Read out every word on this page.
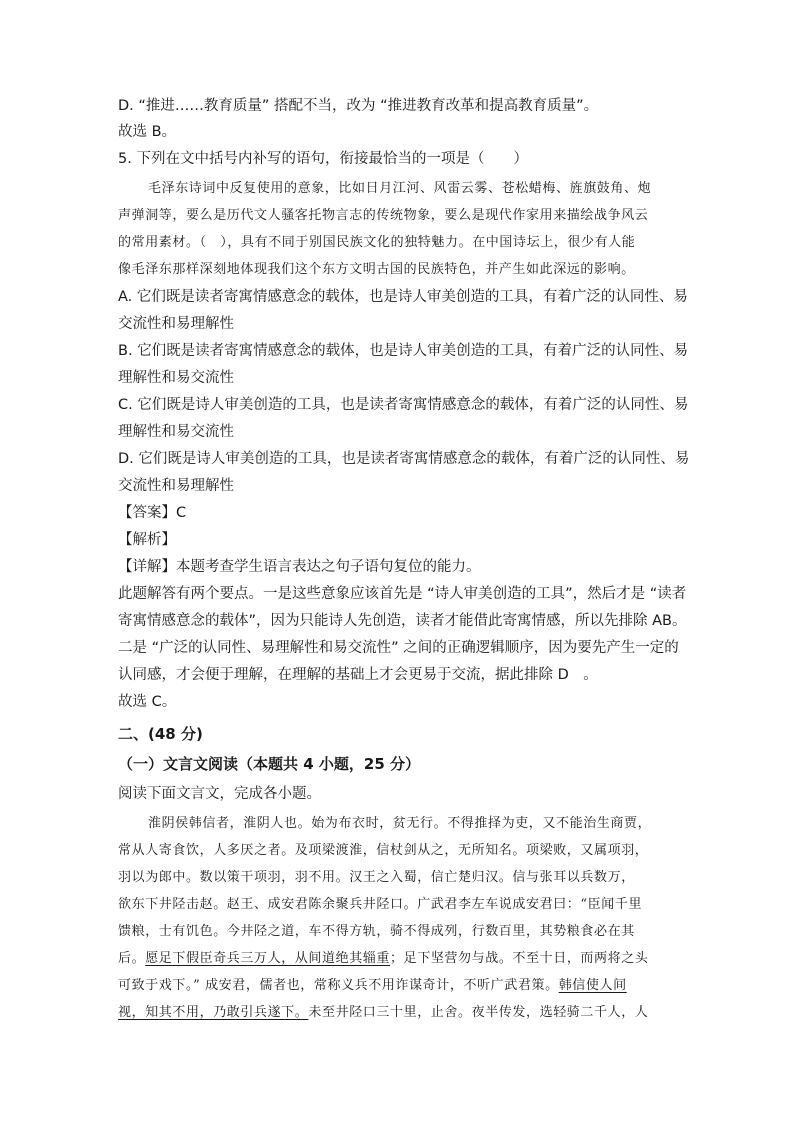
D. “推进……教育质量” 搭配不当，改为 “推进教育改革和提高教育质量”。
故选 B。
5. 下列在文中括号内补写的语句，衔接最恰当的一项是（　　）
毛泽东诗词中反复使用的意象，比如日月江河、风雷云雾、苍松蜡梅、旌旗鼓角、炮
声弹洞等，要么是历代文人骚客托物言志的传统物象，要么是现代作家用来描绘战争风云
的常用素材。（　），具有不同于别国民族文化的独特魅力。在中国诗坛上，很少有人能
像毛泽东那样深刻地体现我们这个东方文明古国的民族特色，并产生如此深远的影响。
A. 它们既是读者寄寓情感意念的载体，也是诗人审美创造的工具，有着广泛的认同性、易
交流性和易理解性
B. 它们既是读者寄寓情感意念的载体，也是诗人审美创造的工具，有着广泛的认同性、易
理解性和易交流性
C. 它们既是诗人审美创造的工具，也是读者寄寓情感意念的载体，有着广泛的认同性、易
理解性和易交流性
D. 它们既是诗人审美创造的工具，也是读者寄寓情感意念的载体，有着广泛的认同性、易
交流性和易理解性
【答案】C
【解析】
【详解】本题考查学生语言表达之句子语句复位的能力。
此题解答有两个要点。一是这些意象应该首先是 “诗人审美创造的工具”，然后才是 “读者
寄寓情感意念的载体”，因为只能诗人先创造，读者才能借此寄寓情感，所以先排除 AB。
二是 “广泛的认同性、易理解性和易交流性” 之间的正确逻辑顺序，因为要先产生一定的
认同感，才会便于理解，在理解的基础上才会更易于交流，据此排除 D　。
故选 C。
二、(48 分)
（一）文言文阅读（本题共 4 小题，25 分）
阅读下面文言文，完成各小题。
淮阴侯韩信者，淮阴人也。始为布衣时，贫无行。不得推择为吏，又不能治生商贾，
常从人寄食饮，人多厌之者。及项梁渡淮，信杖剑从之，无所知名。项梁败，又属项羽，
羽以为郎中。数以策干项羽，羽不用。汉王之入蜀，信亡楚归汉。信与张耳以兵数万，
欲东下井陉击赵。赵王、成安君陈余聚兵井陉口。广武君李左车说成安君曰：“臣闻千里
馈粮，士有饥色。今井陉之道，车不得方轨，骑不得成列，行数百里，其势粮食必在其
后。愿足下假臣奇兵三万人，从间道绝其辎重；足下坚营勿与战。不至十日，而两将之头
可致于戏下。” 成安君，儒者也，常称义兵不用诈谋奇计，不听广武君策。韩信使人间
视，知其不用，乃敢引兵遂下。未至井陉口三十里，止舍。夜半传发，选轻骑二千人，人
